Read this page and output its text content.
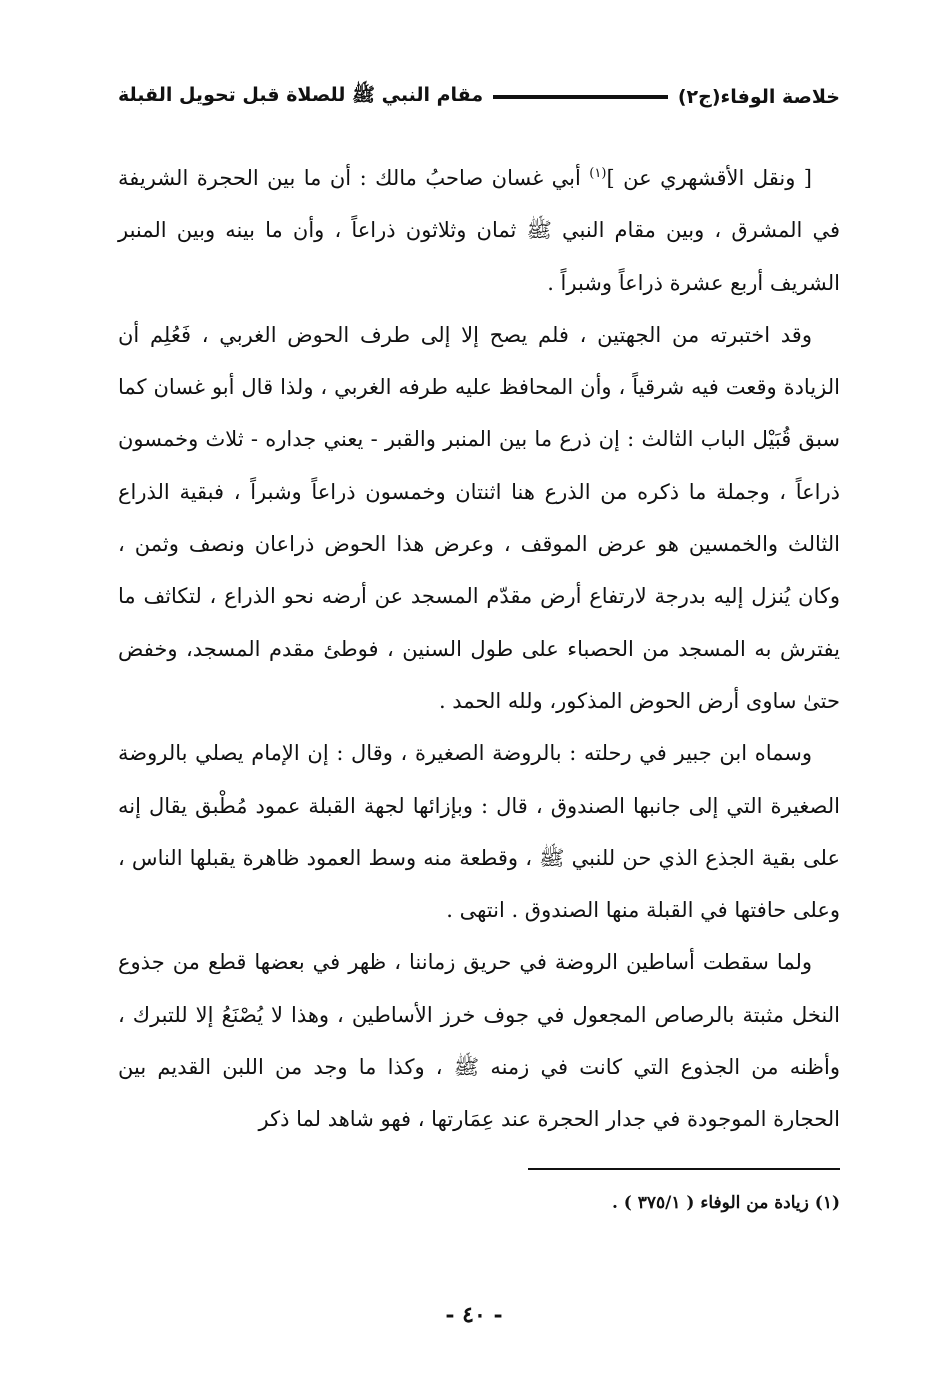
خلاصة الوفاء(ج٢)
مقام النبي ﷺ للصلاة قبل تحويل القبلة

[ ونقل الأقشهري عن ]$^{(١)}$ أبي غسان صاحبُ مالك : أن ما بين الحجرة الشريفة في المشرق ، وبين مقام النبي ﷺ ثمان وثلاثون ذراعاً ، وأن ما بينه وبين المنبر الشريف أربع عشرة ذراعاً وشبراً .

وقد اختبرته من الجهتين ، فلم يصح إلا إلى طرف الحوض الغربي ، فَعُلِم أن الزيادة وقعت فيه شرقياً ، وأن المحافظ عليه طرفه الغربي ، ولذا قال أبو غسان كما سبق قُبَيْل الباب الثالث : إن ذرع ما بين المنبر والقبر - يعني جداره - ثلاث وخمسون ذراعاً ، وجملة ما ذكره من الذرع هنا اثنتان وخمسون ذراعاً وشبراً ، فبقية الذراع الثالث والخمسين هو عرض الموقف ، وعرض هذا الحوض ذراعان ونصف وثمن ، وكان يُنزل إليه بدرجة لارتفاع أرض مقدّم المسجد عن أرضه نحو الذراع ، لتكاثف ما يفترش به المسجد من الحصباء على طول السنين ، فوطئ مقدم المسجد، وخفض حتىٰ ساوى أرض الحوض المذكور، ولله الحمد .

وسماه ابن جبير في رحلته : بالروضة الصغيرة ، وقال : إن الإمام يصلي بالروضة الصغيرة التي إلى جانبها الصندوق ، قال : وبإزائها لجهة القبلة عمود مُطْبق يقال إنه على بقية الجذع الذي حن للنبي ﷺ ، وقطعة منه وسط العمود ظاهرة يقبلها الناس ، وعلى حافتها في القبلة منها الصندوق . انتهى .

ولما سقطت أساطين الروضة في حريق زماننا ، ظهر في بعضها قطع من جذوع النخل مثبتة بالرصاص المجعول في جوف خرز الأساطين ، وهذا لا يُصْنَعُ إلا للتبرك ، وأظنه من الجذوع التي كانت في زمنه ﷺ ، وكذا ما وجد من اللبن القديم بين الحجارة الموجودة في جدار الحجرة عند عِمَارتها ، فهو شاهد لما ذكر

(١) زيادة من الوفاء ( ٣٧٥/١ ) .
- ٤٠ -
